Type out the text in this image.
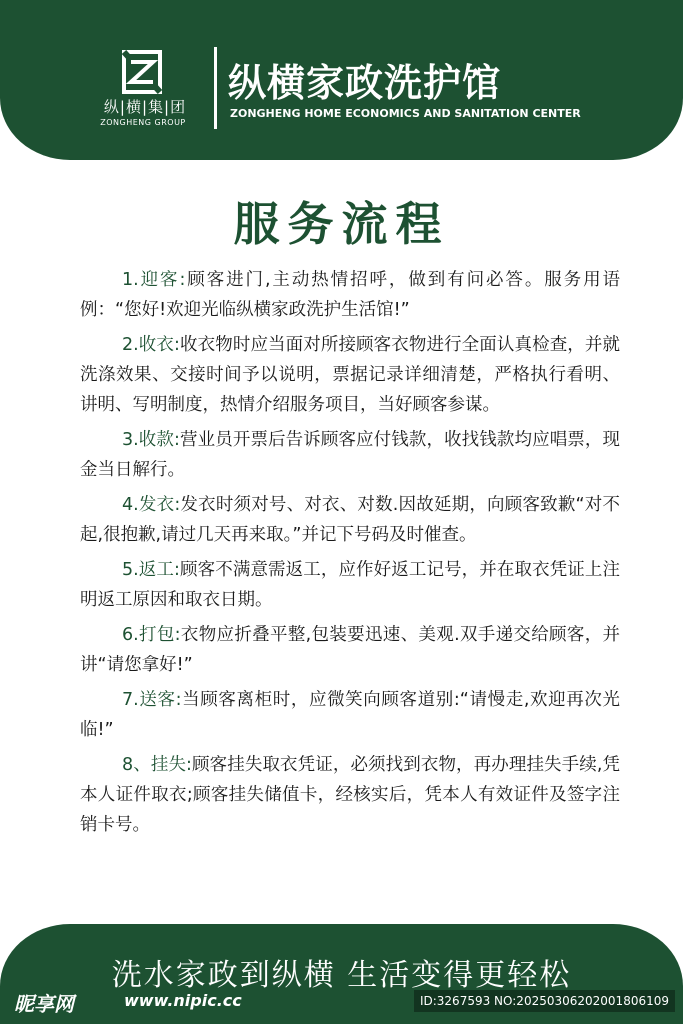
纵|横|集|团
ZONGHENG GROUP
纵横家政洗护馆
ZONGHENG HOME ECONOMICS AND SANITATION CENTER
服务流程

1.迎客:顾客进门,主动热情招呼，做到有问必答。服务用语例：“您好!欢迎光临纵横家政洗护生活馆!”

2.收衣:收衣物时应当面对所接顾客衣物进行全面认真检查，并就洗涤效果、交接时间予以说明，票据记录详细清楚，严格执行看明、讲明、写明制度，热情介绍服务项目，当好顾客参谋。

3.收款:营业员开票后告诉顾客应付钱款，收找钱款均应唱票，现金当日解行。

4.发衣:发衣时须对号、对衣、对数.因故延期，向顾客致歉“对不起,很抱歉,请过几天再来取。”并记下号码及时催查。

5.返工:顾客不满意需返工，应作好返工记号，并在取衣凭证上注明返工原因和取衣日期。

6.打包:衣物应折叠平整,包装要迅速、美观.双手递交给顾客，并讲“请您拿好!”

7.送客:当顾客离柜时，应微笑向顾客道别:“请慢走,欢迎再次光临!”

8、挂失:顾客挂失取衣凭证，必须找到衣物，再办理挂失手续,凭本人证件取衣;顾客挂失储值卡，经核实后，凭本人有效证件及签字注销卡号。

洗水家政到纵横 生活变得更轻松
昵享网	www.nipic.cc	ID:3267593 NO:20250306202001806109
